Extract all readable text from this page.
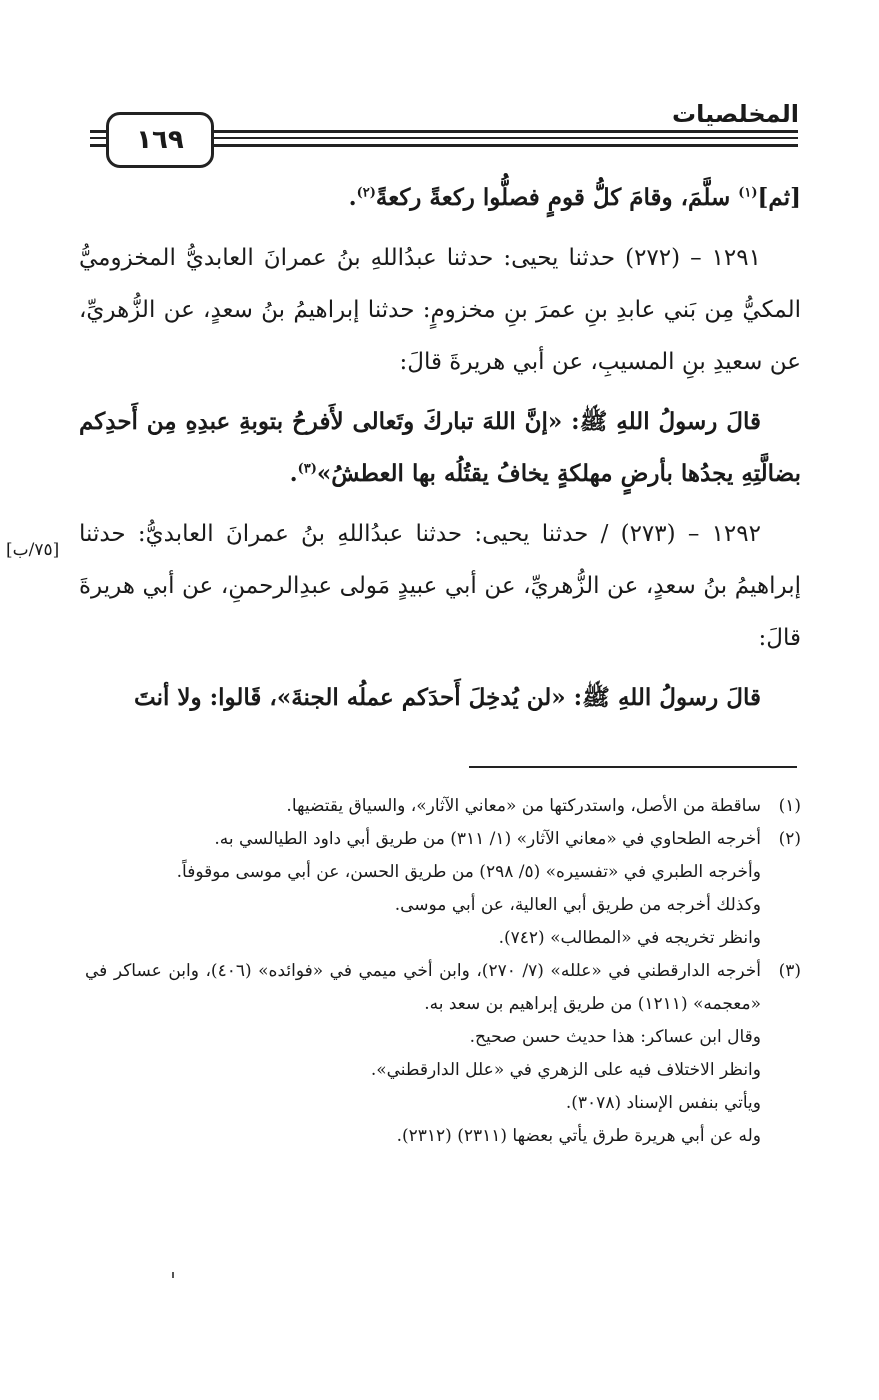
المخلصيات
١٦٩

[ثم]$^{(١)}$ سلَّمَ، وقامَ كلُّ قومٍ فصلُّوا ركعةً ركعةً$^{(٢)}$.

١٢٩١ – (٢٧٢) حدثنا يحيى: حدثنا عبدُاللهِ بنُ عمرانَ العابديُّ المخزوميُّ المكيُّ مِن بَني عابدِ بنِ عمرَ بنِ مخزومٍ: حدثنا إبراهيمُ بنُ سعدٍ، عن الزُّهريِّ، عن سعيدِ بنِ المسيبِ، عن أبي هريرةَ قالَ:

قالَ رسولُ اللهِ ﷺ: «إنَّ اللهَ تباركَ وتَعالى لأَفرحُ بتوبةِ عبدِهِ مِن أَحدِكم بضالَّتِهِ يجدُها بأرضٍ مهلكةٍ يخافُ يقتُلُه بها العطشُ»$^{(٣)}$.

١٢٩٢ – (٢٧٣) / حدثنا يحيى: حدثنا عبدُاللهِ بنُ عمرانَ العابديُّ: حدثنا إبراهيمُ بنُ سعدٍ، عن الزُّهريِّ، عن أبي عبيدٍ مَولى عبدِالرحمنِ، عن أبي هريرةَ قالَ:

قالَ رسولُ اللهِ ﷺ: «لن يُدخِلَ أَحدَكم عملُه الجنةَ»، قَالوا: ولا أنتَ

[٧٥/ب]
(١)
ساقطة من الأصل، واستدركتها من «معاني الآثار»، والسياق يقتضيها.
(٢)
أخرجه الطحاوي في «معاني الآثار» (١/ ٣١١) من طريق أبي داود الطيالسي به.
وأخرجه الطبري في «تفسيره» (٥/ ٢٩٨) من طريق الحسن، عن أبي موسى موقوفاً.
وكذلك أخرجه من طريق أبي العالية، عن أبي موسى.
وانظر تخريجه في «المطالب» (٧٤٢).
(٣)
أخرجه الدارقطني في «علله» (٧/ ٢٧٠)، وابن أخي ميمي في «فوائده» (٤٠٦)، وابن عساكر في «معجمه» (١٢١١) من طريق إبراهيم بن سعد به.
وقال ابن عساكر: هذا حديث حسن صحيح.
وانظر الاختلاف فيه على الزهري في «علل الدارقطني».
ويأتي بنفس الإسناد (٣٠٧٨).
وله عن أبي هريرة طرق يأتي بعضها (٢٣١١) (٢٣١٢).
